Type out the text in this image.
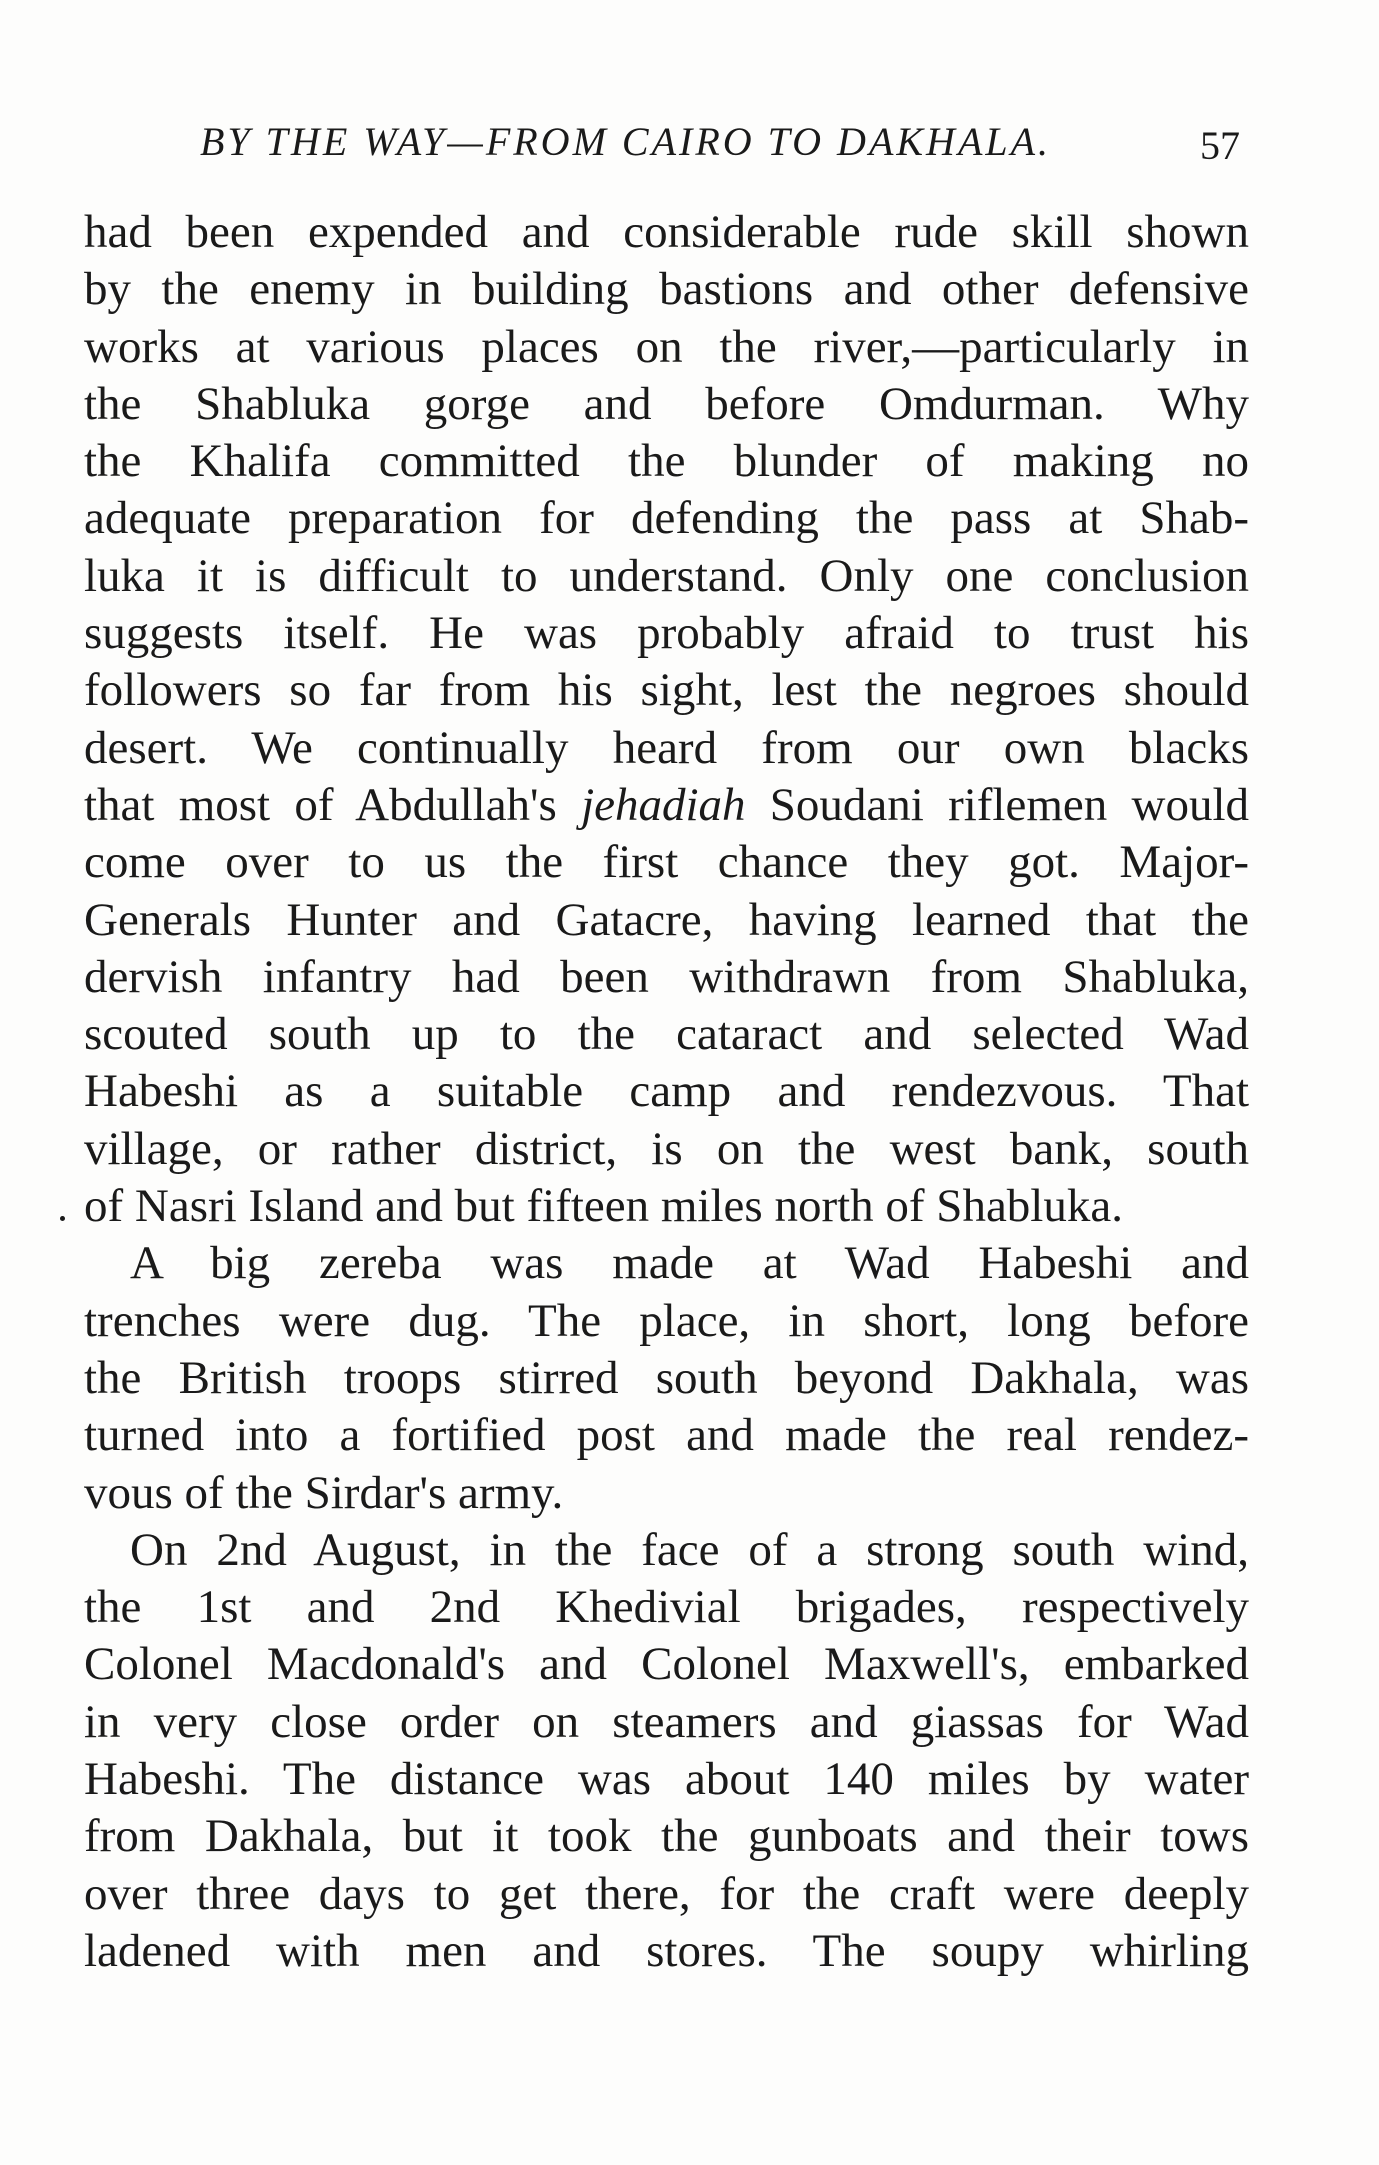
BY THE WAY—FROM CAIRO TO DAKHALA.	57
had been expended and considerable rude skill shown
by the enemy in building bastions and other defensive
works at various places on the river,—particularly in
the Shabluka gorge and before Omdurman. Why
the Khalifa committed the blunder of making no
adequate preparation for defending the pass at Shab-
luka it is difficult to understand. Only one conclusion
suggests itself. He was probably afraid to trust his
followers so far from his sight, lest the negroes should
desert. We continually heard from our own blacks
that most of Abdullah's jehadiah Soudani riflemen would
come over to us the first chance they got. Major-
Generals Hunter and Gatacre, having learned that the
dervish infantry had been withdrawn from Shabluka,
scouted south up to the cataract and selected Wad
Habeshi as a suitable camp and rendezvous. That
village, or rather district, is on the west bank, south
of Nasri Island and but fifteen miles north of Shabluka.
A big zereba was made at Wad Habeshi and
trenches were dug. The place, in short, long before
the British troops stirred south beyond Dakhala, was
turned into a fortified post and made the real rendez-
vous of the Sirdar's army.
On 2nd August, in the face of a strong south wind,
the 1st and 2nd Khedivial brigades, respectively
Colonel Macdonald's and Colonel Maxwell's, embarked
in very close order on steamers and giassas for Wad
Habeshi. The distance was about 140 miles by water
from Dakhala, but it took the gunboats and their tows
over three days to get there, for the craft were deeply
ladened with men and stores. The soupy whirling
